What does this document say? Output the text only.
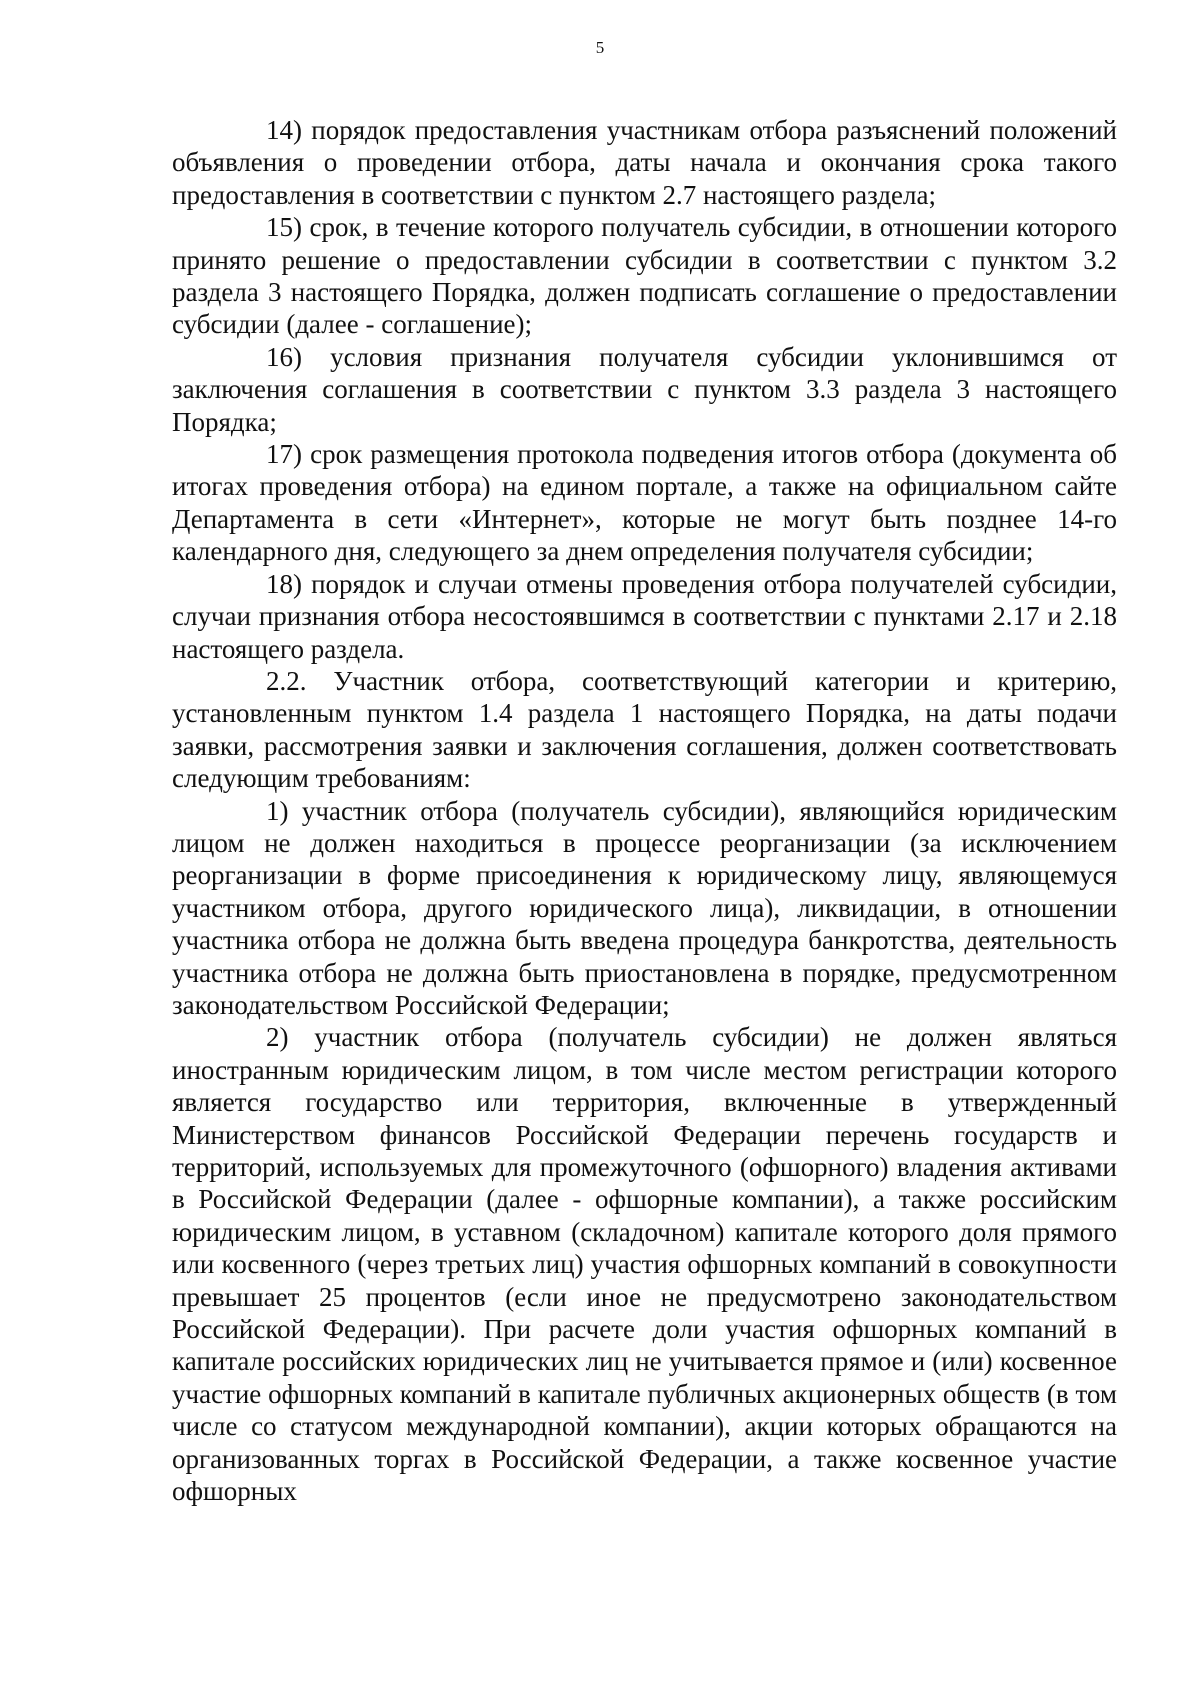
5

14) порядок предоставления участникам отбора разъяснений положений объявления о проведении отбора, даты начала и окончания срока такого предоставления в соответствии с пунктом 2.7 настоящего раздела;

15) срок, в течение которого получатель субсидии, в отношении которого принято решение о предоставлении субсидии в соответствии с пунктом 3.2 раздела 3 настоящего Порядка, должен подписать соглашение о предоставлении субсидии (далее - соглашение);

16) условия признания получателя субсидии уклонившимся от заключения соглашения в соответствии с пунктом 3.3 раздела 3 настоящего Порядка;

17) срок размещения протокола подведения итогов отбора (документа об итогах проведения отбора) на едином портале, а также на официальном сайте Департамента в сети «Интернет», которые не могут быть позднее 14-го календарного дня, следующего за днем определения получателя субсидии;

18) порядок и случаи отмены проведения отбора получателей субсидии, случаи признания отбора несостоявшимся в соответствии с пунктами 2.17 и 2.18 настоящего раздела.

2.2. Участник отбора, соответствующий категории и критерию, установленным пунктом 1.4 раздела 1 настоящего Порядка, на даты подачи заявки, рассмотрения заявки и заключения соглашения, должен соответствовать следующим требованиям:

1) участник отбора (получатель субсидии), являющийся юридическим лицом не должен находиться в процессе реорганизации (за исключением реорганизации в форме присоединения к юридическому лицу, являющемуся участником отбора, другого юридического лица), ликвидации, в отношении участника отбора не должна быть введена процедура банкротства, деятельность участника отбора не должна быть приостановлена в порядке, предусмотренном законодательством Российской Федерации;

2) участник отбора (получатель субсидии) не должен являться иностранным юридическим лицом, в том числе местом регистрации которого является государство или территория, включенные в утвержденный Министерством финансов Российской Федерации перечень государств и территорий, используемых для промежуточного (офшорного) владения активами в Российской Федерации (далее - офшорные компании), а также российским юридическим лицом, в уставном (складочном) капитале которого доля прямого или косвенного (через третьих лиц) участия офшорных компаний в совокупности превышает 25 процентов (если иное не предусмотрено законодательством Российской Федерации). При расчете доли участия офшорных компаний в капитале российских юридических лиц не учитывается прямое и (или) косвенное участие офшорных компаний в капитале публичных акционерных обществ (в том числе со статусом международной компании), акции которых обращаются на организованных торгах в Российской Федерации, а также косвенное участие офшорных
